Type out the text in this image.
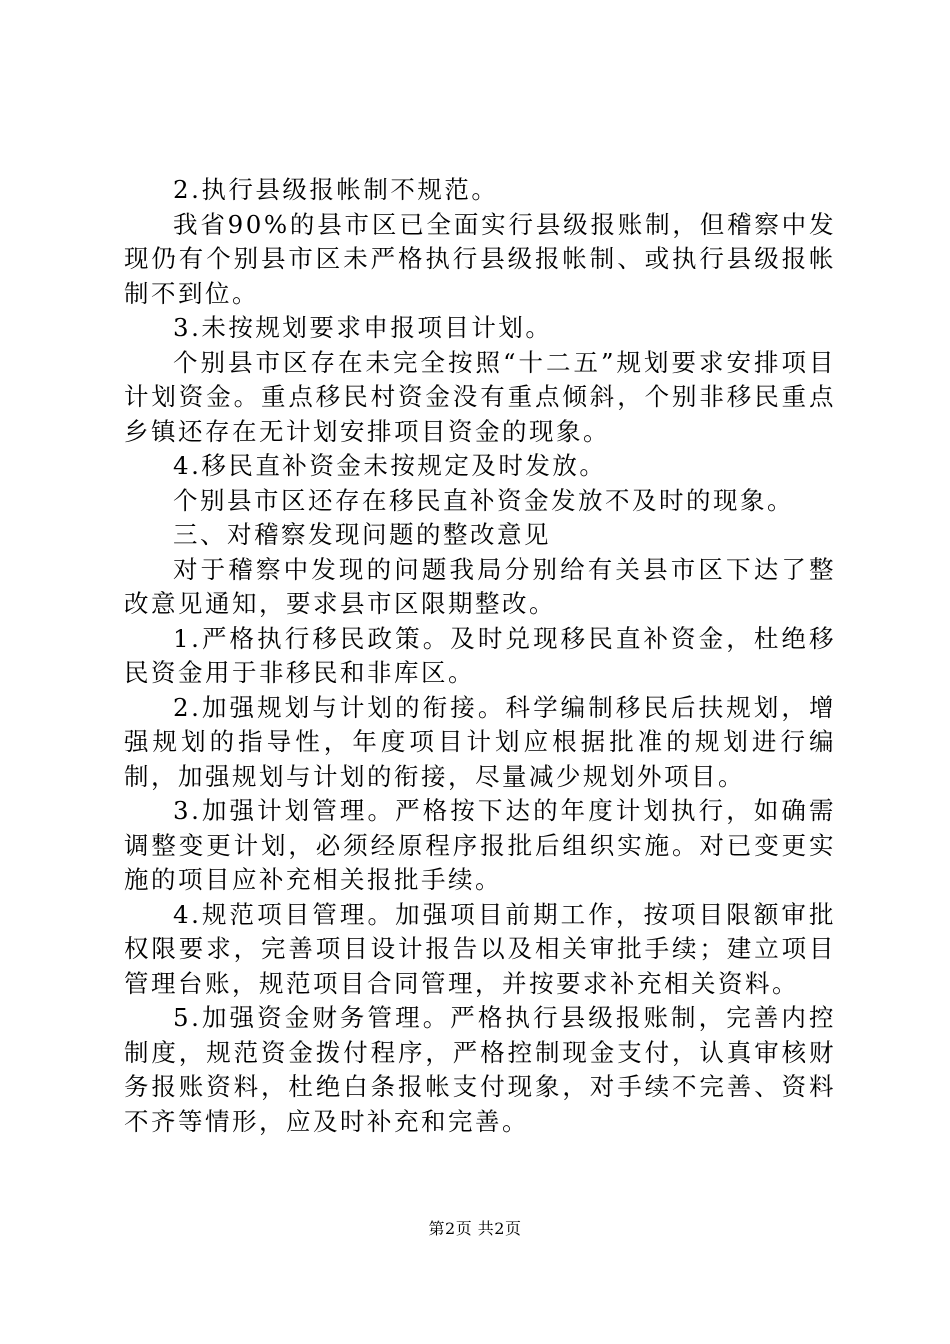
2.执行县级报帐制不规范。

我省90%的县市区已全面实行县级报账制，但稽察中发现仍有个别县市区未严格执行县级报帐制、或执行县级报帐制不到位。

3.未按规划要求申报项目计划。

个别县市区存在未完全按照“十二五”规划要求安排项目计划资金。重点移民村资金没有重点倾斜，个别非移民重点乡镇还存在无计划安排项目资金的现象。

4.移民直补资金未按规定及时发放。

个别县市区还存在移民直补资金发放不及时的现象。

三、对稽察发现问题的整改意见

对于稽察中发现的问题我局分别给有关县市区下达了整改意见通知，要求县市区限期整改。

1.严格执行移民政策。及时兑现移民直补资金，杜绝移民资金用于非移民和非库区。

2.加强规划与计划的衔接。科学编制移民后扶规划，增强规划的指导性，年度项目计划应根据批准的规划进行编制，加强规划与计划的衔接，尽量减少规划外项目。

3.加强计划管理。严格按下达的年度计划执行，如确需调整变更计划，必须经原程序报批后组织实施。对已变更实施的项目应补充相关报批手续。

4.规范项目管理。加强项目前期工作，按项目限额审批权限要求，完善项目设计报告以及相关审批手续；建立项目管理台账，规范项目合同管理，并按要求补充相关资料。

5.加强资金财务管理。严格执行县级报账制，完善内控制度，规范资金拨付程序，严格控制现金支付，认真审核财务报账资料，杜绝白条报帐支付现象，对手续不完善、资料不齐等情形，应及时补充和完善。

第2页 共2页
